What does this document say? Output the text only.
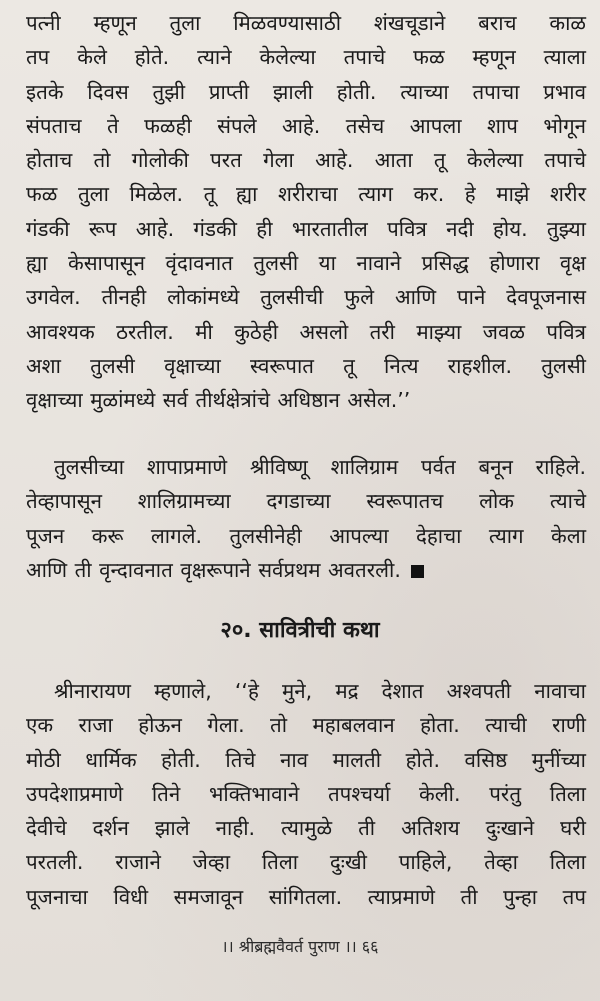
पत्नी म्हणून तुला मिळवण्यासाठी शंखचूडाने बराच काळ
तप केले होते. त्याने केलेल्या तपाचे फळ म्हणून त्याला
इतके दिवस तुझी प्राप्ती झाली होती. त्याच्या तपाचा प्रभाव
संपताच ते फळही संपले आहे. तसेच आपला शाप भोगून
होताच तो गोलोकी परत गेला आहे. आता तू केलेल्या तपाचे
फळ तुला मिळेल. तू ह्या शरीराचा त्याग कर. हे माझे शरीर
गंडकी रूप आहे. गंडकी ही भारतातील पवित्र नदी होय. तुझ्या
ह्या केसापासून वृंदावनात तुलसी या नावाने प्रसिद्ध होणारा वृक्ष
उगवेल. तीनही लोकांमध्ये तुलसीची फुले आणि पाने देवपूजनास
आवश्यक ठरतील. मी कुठेही असलो तरी माझ्या जवळ पवित्र
अशा तुलसी वृक्षाच्या स्वरूपात तू नित्य राहशील. तुलसी
वृक्षाच्या मुळांमध्ये सर्व तीर्थक्षेत्रांचे अधिष्ठान असेल.’’
तुलसीच्या शापाप्रमाणे श्रीविष्णू शालिग्राम पर्वत बनून राहिले.
तेव्हापासून शालिग्रामच्या दगडाच्या स्वरूपातच लोक त्याचे
पूजन करू लागले. तुलसीनेही आपल्या देहाचा त्याग केला
आणि ती वृन्दावनात वृक्षरूपाने सर्वप्रथम अवतरली.
२०. सावित्रीची कथा
श्रीनारायण म्हणाले, ‘‘हे मुने, मद्र देशात अश्वपती नावाचा
एक राजा होऊन गेला. तो महाबलवान होता. त्याची राणी
मोठी धार्मिक होती. तिचे नाव मालती होते. वसिष्ठ मुनींच्या
उपदेशाप्रमाणे तिने भक्तिभावाने तपश्चर्या केली. परंतु तिला
देवीचे दर्शन झाले नाही. त्यामुळे ती अतिशय दुःखाने घरी
परतली. राजाने जेव्हा तिला दुःखी पाहिले, तेव्हा तिला
पूजनाचा विधी समजावून सांगितला. त्याप्रमाणे ती पुन्हा तप
।। श्रीब्रह्मवैवर्त पुराण ।। ६६
